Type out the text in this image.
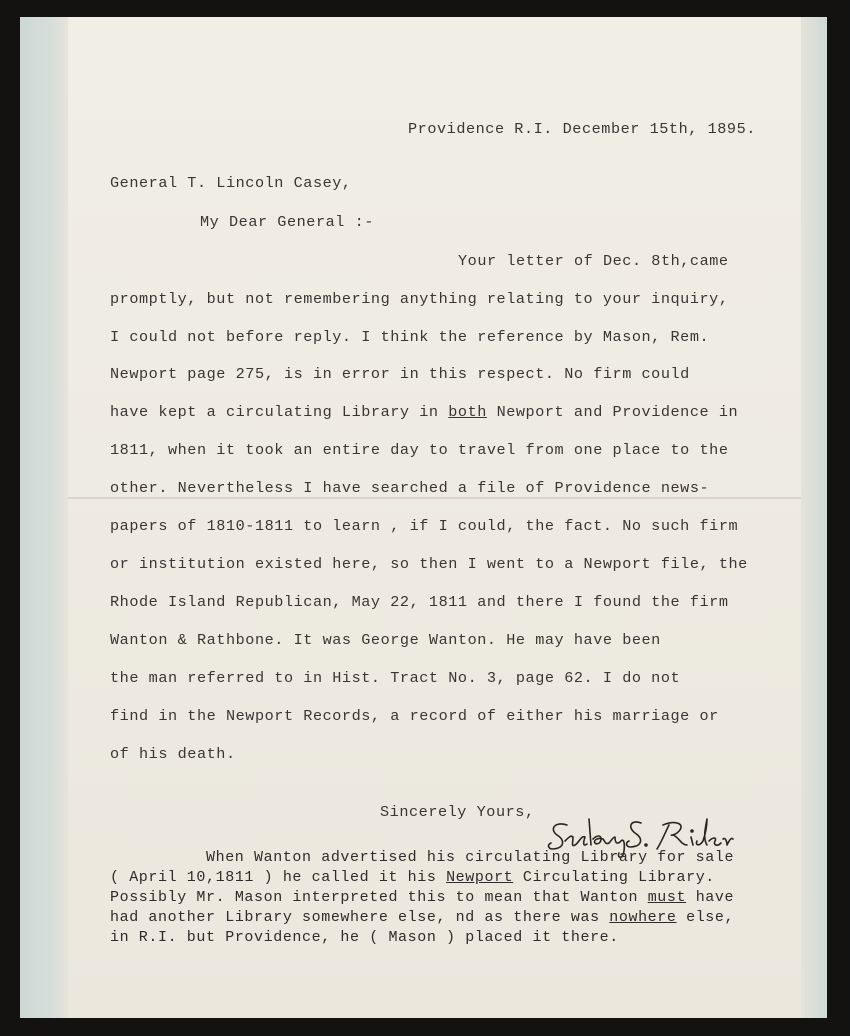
Providence R.I. December 15th, 1895.
General T. Lincoln Casey,
My Dear General :-
Your letter of Dec. 8th,came
promptly, but not remembering anything relating to your inquiry,
I could not before reply. I think the reference by Mason, Rem.
Newport page 275, is in error in this respect. No firm could
have kept a circulating Library in both Newport and Providence in
1811, when it took an entire day to travel from one place to the
other. Nevertheless I have searched a file of Providence news-
papers of 1810-1811 to learn , if I could, the fact. No such firm
or institution existed here, so then I went to a Newport file, the
Rhode Island Republican, May 22, 1811 and there I found the firm
Wanton & Rathbone. It was George Wanton. He may have been
the man referred to in Hist. Tract No. 3, page 62. I do not
find in the Newport Records, a record of either his marriage or
of his death.
Sincerely Yours,
When Wanton advertised his circulating Library for sale
( April 10,1811 ) he called it his Newport Circulating Library.
Possibly Mr. Mason interpreted this to mean that Wanton must have
had another Library somewhere else, nd as there was nowhere else,
in R.I. but Providence, he ( Mason ) placed it there.
